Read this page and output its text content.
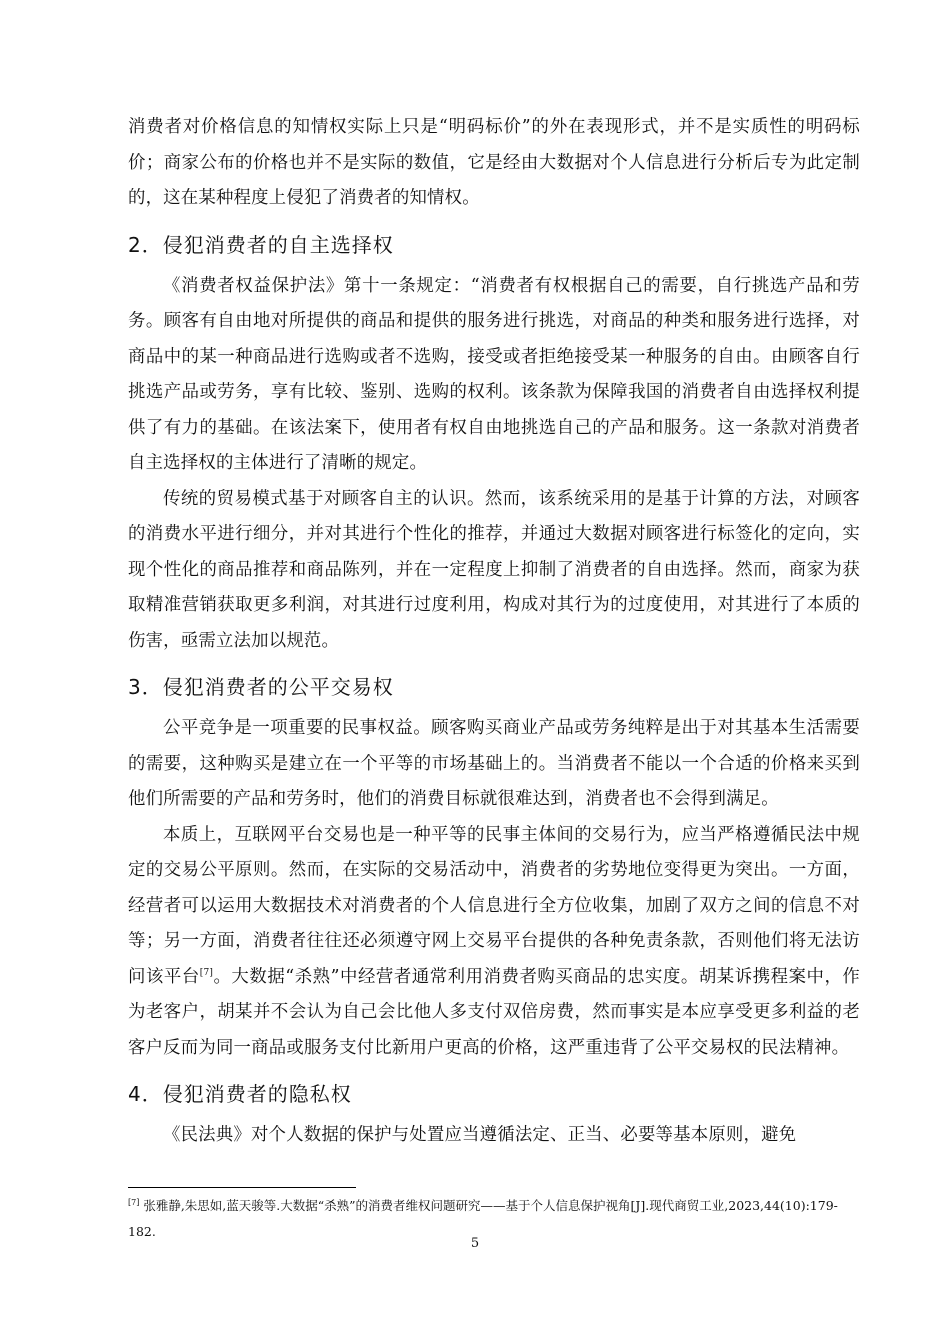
消费者对价格信息的知情权实际上只是“明码标价”的外在表现形式，并不是实质性的明码标价；商家公布的价格也并不是实际的数值，它是经由大数据对个人信息进行分析后专为此定制的，这在某种程度上侵犯了消费者的知情权。

2．侵犯消费者的自主选择权

《消费者权益保护法》第十一条规定：“消费者有权根据自己的需要，自行挑选产品和劳务。顾客有自由地对所提供的商品和提供的服务进行挑选，对商品的种类和服务进行选择，对商品中的某一种商品进行选购或者不选购，接受或者拒绝接受某一种服务的自由。由顾客自行挑选产品或劳务，享有比较、鉴别、选购的权利。该条款为保障我国的消费者自由选择权利提供了有力的基础。在该法案下，使用者有权自由地挑选自己的产品和服务。这一条款对消费者自主选择权的主体进行了清晰的规定。

传统的贸易模式基于对顾客自主的认识。然而，该系统采用的是基于计算的方法，对顾客的消费水平进行细分，并对其进行个性化的推荐，并通过大数据对顾客进行标签化的定向，实现个性化的商品推荐和商品陈列，并在一定程度上抑制了消费者的自由选择。然而，商家为获取精准营销获取更多利润，对其进行过度利用，构成对其行为的过度使用，对其进行了本质的伤害，亟需立法加以规范。

3．侵犯消费者的公平交易权

公平竞争是一项重要的民事权益。顾客购买商业产品或劳务纯粹是出于对其基本生活需要的需要，这种购买是建立在一个平等的市场基础上的。当消费者不能以一个合适的价格来买到他们所需要的产品和劳务时，他们的消费目标就很难达到，消费者也不会得到满足。

本质上，互联网平台交易也是一种平等的民事主体间的交易行为，应当严格遵循民法中规定的交易公平原则。然而，在实际的交易活动中，消费者的劣势地位变得更为突出。一方面，经营者可以运用大数据技术对消费者的个人信息进行全方位收集，加剧了双方之间的信息不对等；另一方面，消费者往往还必须遵守网上交易平台提供的各种免责条款，否则他们将无法访问该平台[7]。大数据“杀熟”中经营者通常利用消费者购买商品的忠实度。胡某诉携程案中，作为老客户，胡某并不会认为自己会比他人多支付双倍房费，然而事实是本应享受更多利益的老客户反而为同一商品或服务支付比新用户更高的价格，这严重违背了公平交易权的民法精神。

4．侵犯消费者的隐私权

《民法典》对个人数据的保护与处置应当遵循法定、正当、必要等基本原则，避免

[7] 张雅静,朱思如,蓝天骏等.大数据“杀熟”的消费者维权问题研究——基于个人信息保护视角[J].现代商贸工业,2023,44(10):179-182.
5
